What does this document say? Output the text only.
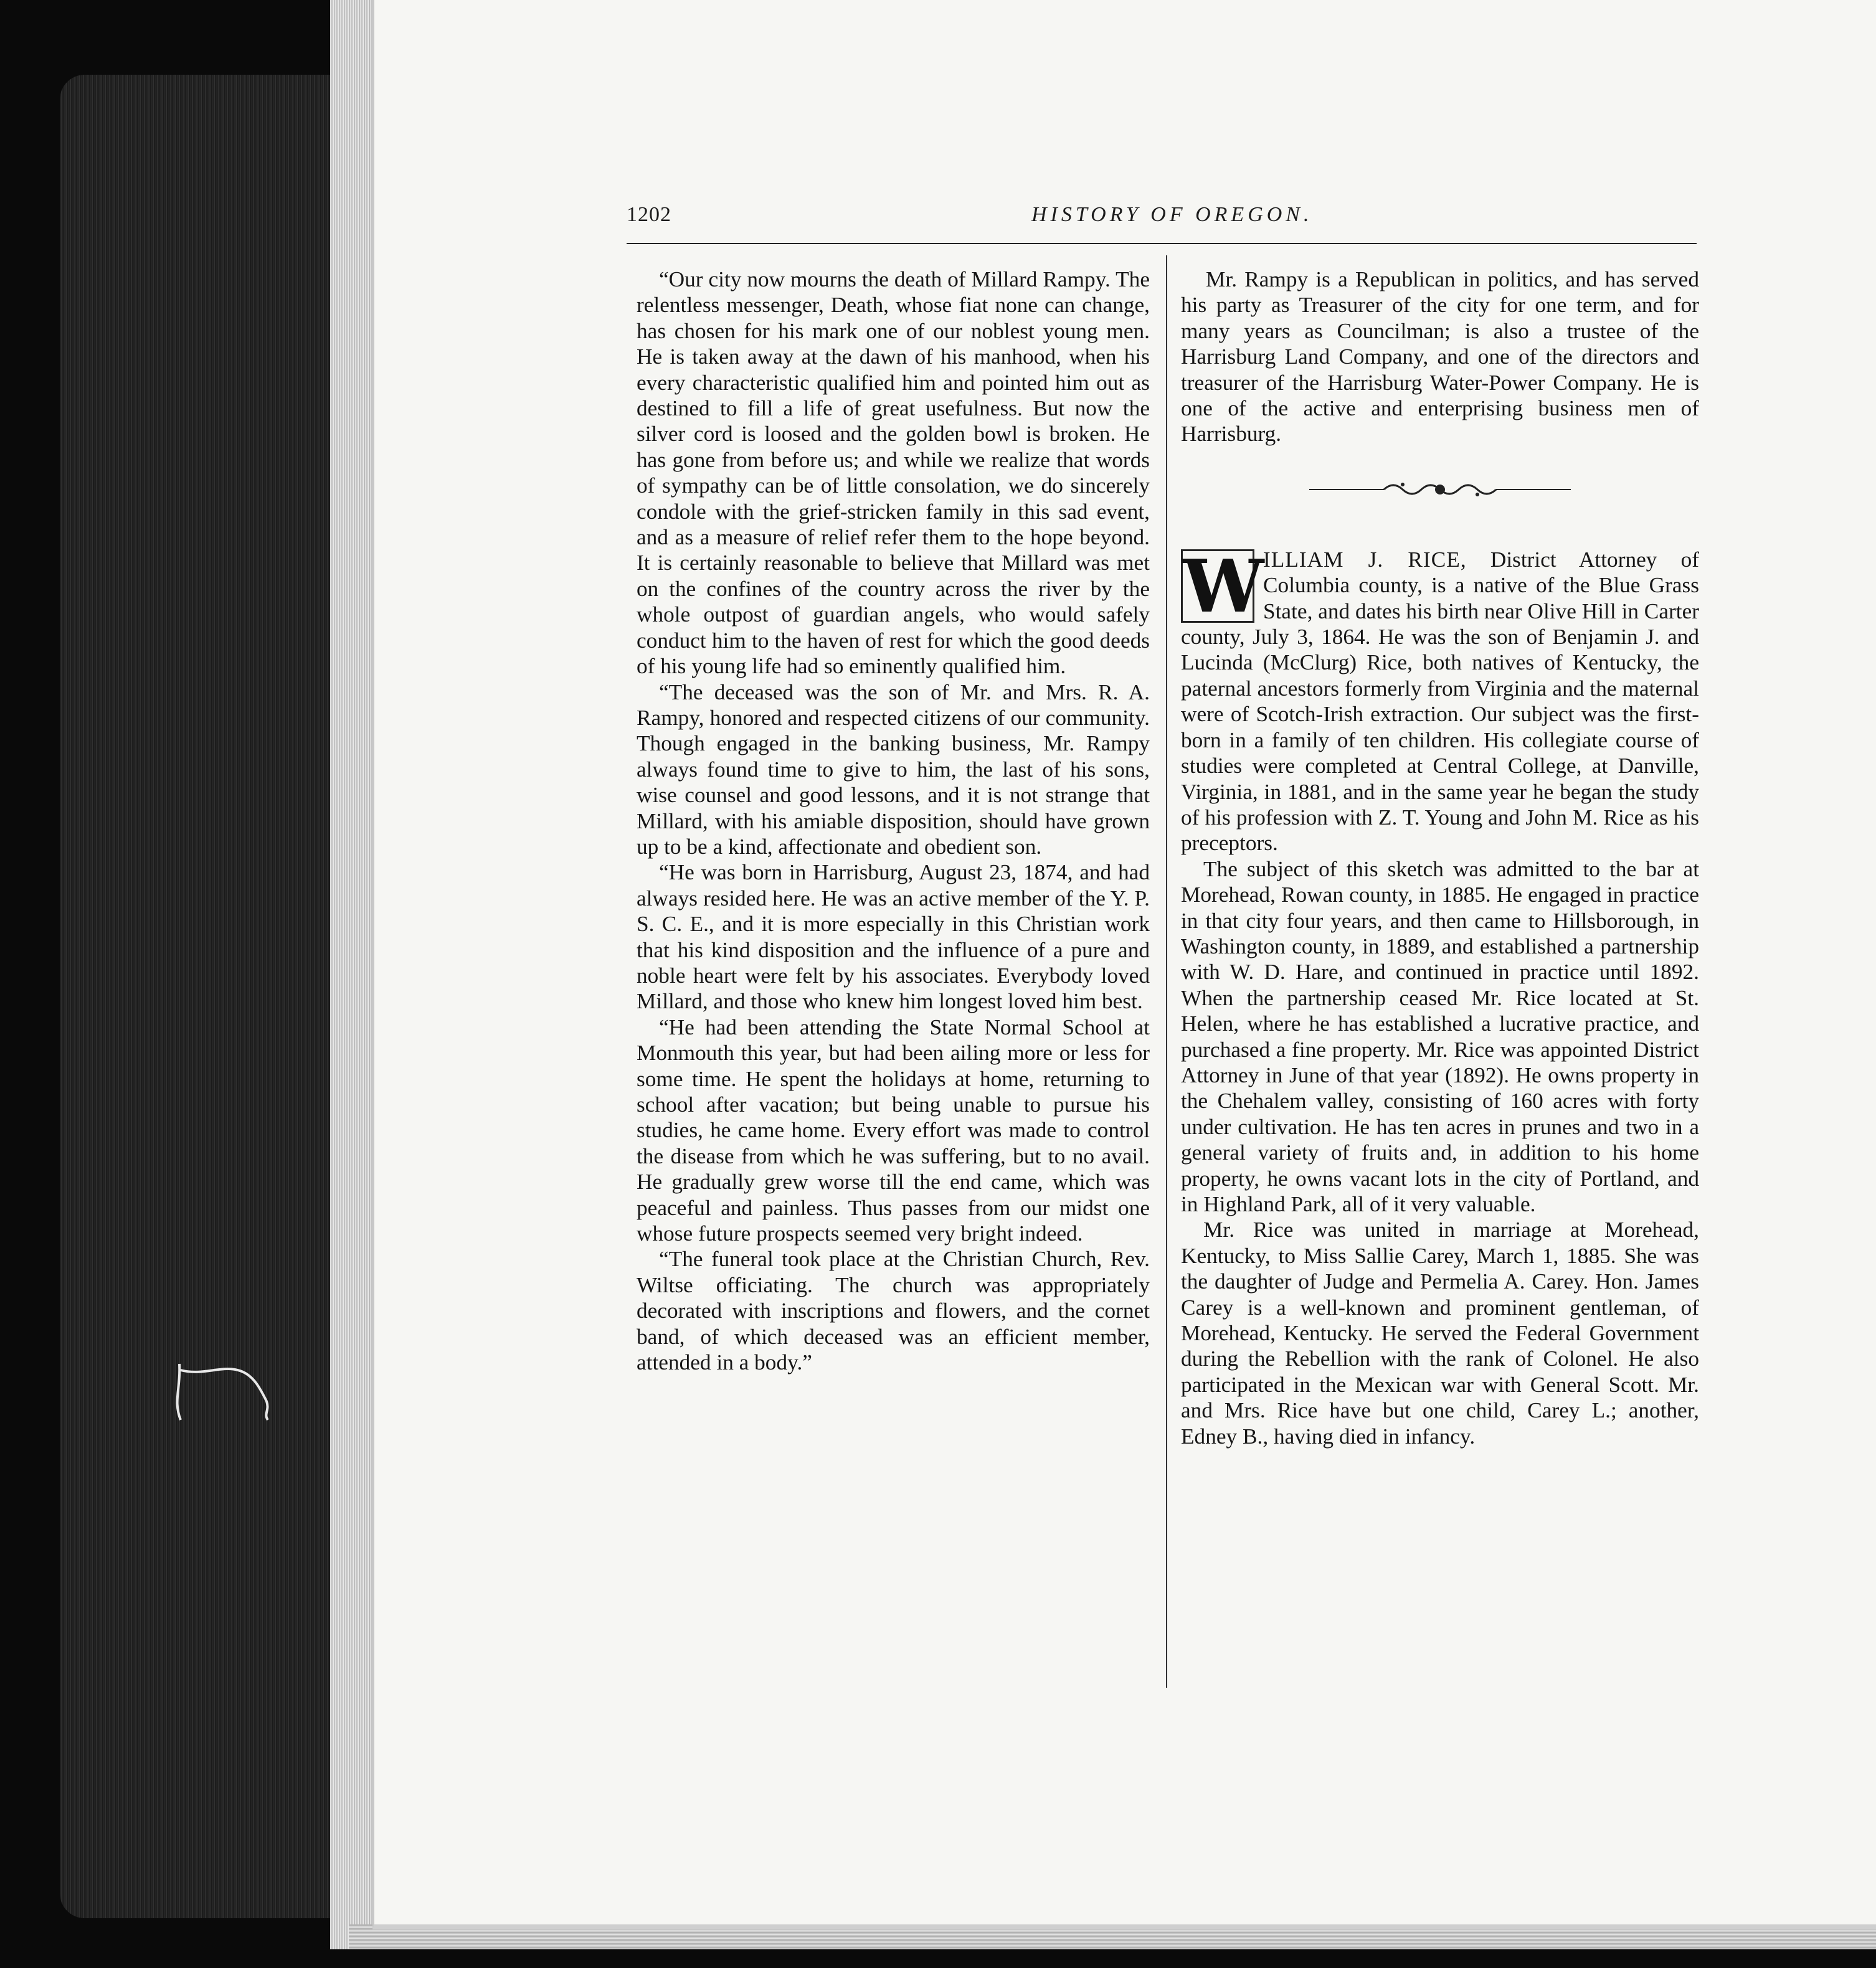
1202	HISTORY OF OREGON.

“Our city now mourns the death of Millard Rampy. The relentless messenger, Death, whose fiat none can change, has chosen for his mark one of our noblest young men. He is taken away at the dawn of his manhood, when his every characteristic qualified him and pointed him out as destined to fill a life of great usefulness. But now the silver cord is loosed and the golden bowl is broken. He has gone from before us; and while we realize that words of sympathy can be of little consolation, we do sincerely condole with the grief-stricken family in this sad event, and as a measure of relief refer them to the hope beyond. It is certainly reasonable to believe that Millard was met on the confines of the country across the river by the whole outpost of guardian angels, who would safely conduct him to the haven of rest for which the good deeds of his young life had so eminently qualified him.

“The deceased was the son of Mr. and Mrs. R. A. Rampy, honored and respected citizens of our community. Though engaged in the banking business, Mr. Rampy always found time to give to him, the last of his sons, wise counsel and good lessons, and it is not strange that Millard, with his amiable disposition, should have grown up to be a kind, affectionate and obedient son.

“He was born in Harrisburg, August 23, 1874, and had always resided here. He was an active member of the Y. P. S. C. E., and it is more especially in this Christian work that his kind disposition and the influence of a pure and noble heart were felt by his associates. Everybody loved Millard, and those who knew him longest loved him best.

“He had been attending the State Normal School at Monmouth this year, but had been ailing more or less for some time. He spent the holidays at home, returning to school after vacation; but being unable to pursue his studies, he came home. Every effort was made to control the disease from which he was suffering, but to no avail. He gradually grew worse till the end came, which was peaceful and painless. Thus passes from our midst one whose future prospects seemed very bright indeed.

“The funeral took place at the Christian Church, Rev. Wiltse officiating. The church was appropriately decorated with inscriptions and flowers, and the cornet band, of which deceased was an efficient member, attended in a body.”

Mr. Rampy is a Republican in politics, and has served his party as Treasurer of the city for one term, and for many years as Councilman; is also a trustee of the Harrisburg Land Company, and one of the directors and treasurer of the Harrisburg Water-Power Company. He is one of the active and enterprising business men of Harrisburg.

W
ILLIAM J. RICE, District Attorney of Columbia county, is a native of the Blue Grass State, and dates his birth near Olive Hill in Carter county, July 3, 1864. He was the son of Benjamin J. and Lucinda (McClurg) Rice, both natives of Kentucky, the paternal ancestors formerly from Virginia and the maternal were of Scotch-Irish extraction. Our subject was the first-born in a family of ten children. His collegiate course of studies were completed at Central College, at Danville, Virginia, in 1881, and in the same year he began the study of his profession with Z. T. Young and John M. Rice as his preceptors.

The subject of this sketch was admitted to the bar at Morehead, Rowan county, in 1885. He engaged in practice in that city four years, and then came to Hillsborough, in Washington county, in 1889, and established a partnership with W. D. Hare, and continued in practice until 1892. When the partnership ceased Mr. Rice located at St. Helen, where he has established a lucrative practice, and purchased a fine property. Mr. Rice was appointed District Attorney in June of that year (1892). He owns property in the Chehalem valley, consisting of 160 acres with forty under cultivation. He has ten acres in prunes and two in a general variety of fruits and, in addition to his home property, he owns vacant lots in the city of Portland, and in Highland Park, all of it very valuable.

Mr. Rice was united in marriage at Morehead, Kentucky, to Miss Sallie Carey, March 1, 1885. She was the daughter of Judge and Permelia A. Carey. Hon. James Carey is a well-known and prominent gentleman, of Morehead, Kentucky. He served the Federal Government during the Rebellion with the rank of Colonel. He also participated in the Mexican war with General Scott. Mr. and Mrs. Rice have but one child, Carey L.; another, Edney B., having died in infancy.
